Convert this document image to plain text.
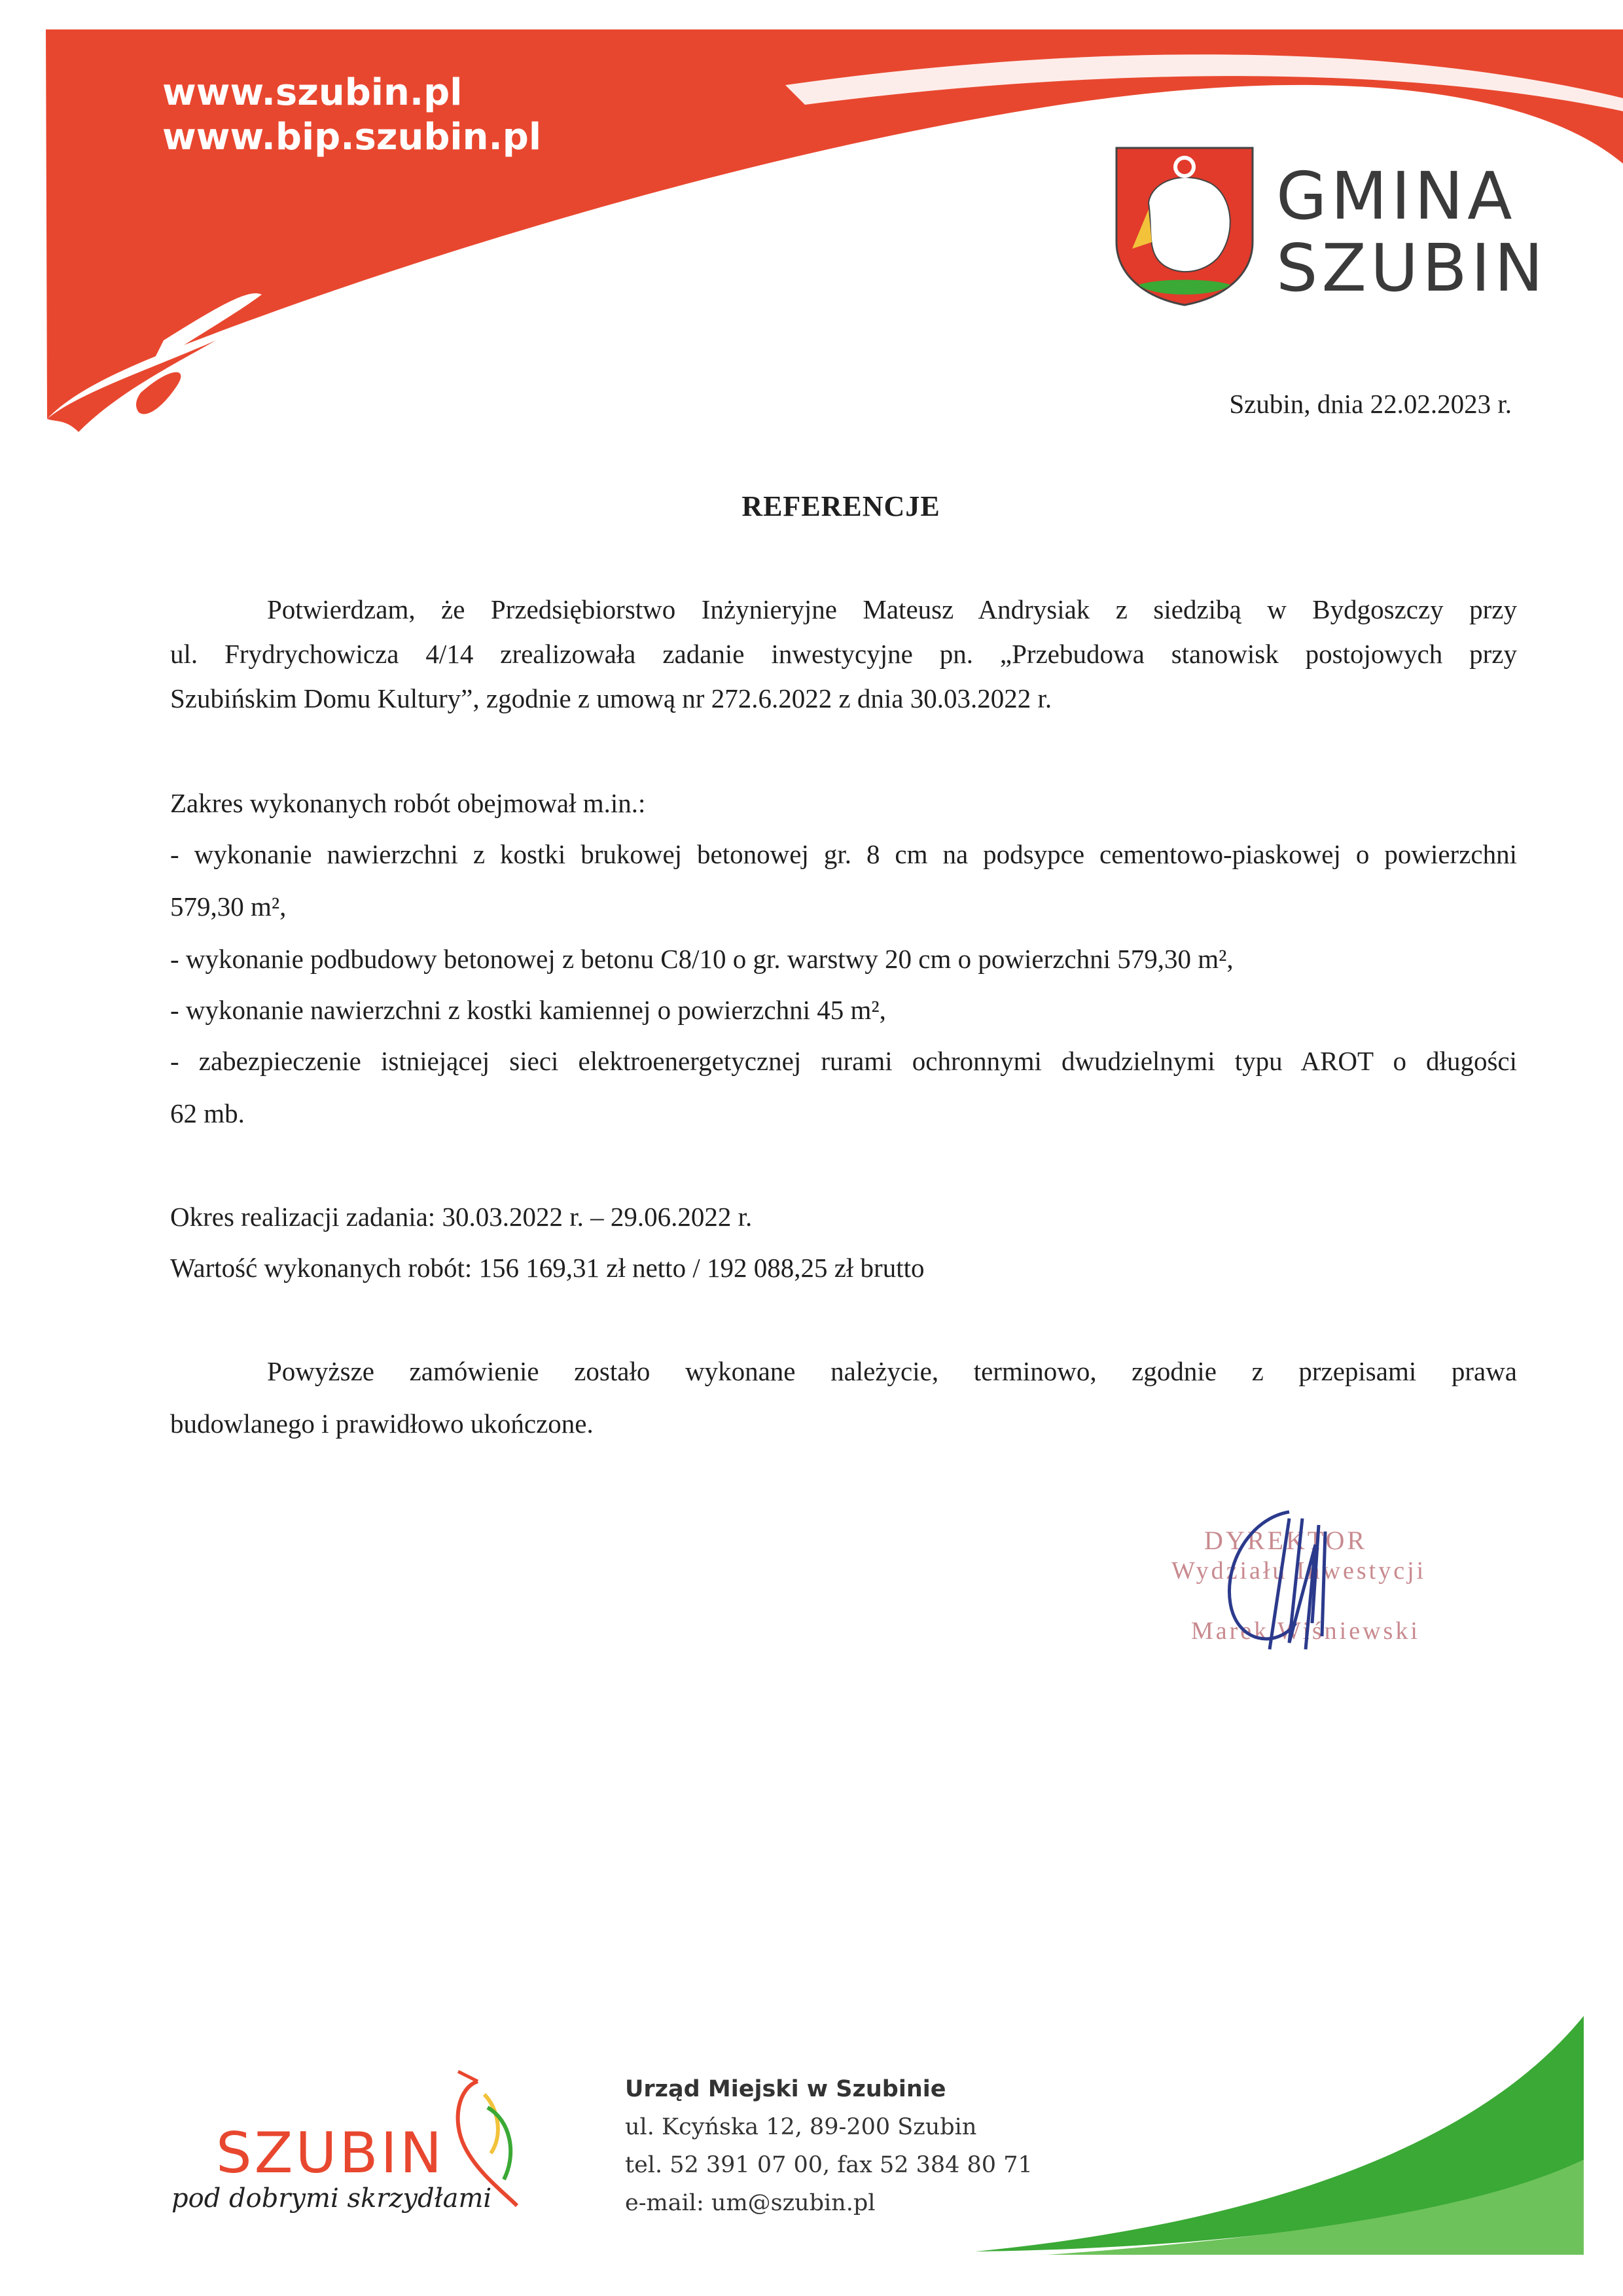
www.szubin.pl
www.bip.szubin.pl
GMINA
SZUBIN
Szubin, dnia 22.02.2023 r.
REFERENCJE
Potwierdzam, że Przedsiębiorstwo Inżynieryjne Mateusz Andrysiak z siedzibą w Bydgoszczy przy
ul. Frydrychowicza 4/14 zrealizowała zadanie inwestycyjne pn. „Przebudowa stanowisk postojowych przy
Szubińskim Domu Kultury”, zgodnie z umową nr 272.6.2022 z dnia 30.03.2022 r.
Zakres wykonanych robót obejmował m.in.:
- wykonanie nawierzchni z kostki brukowej betonowej gr. 8 cm na podsypce cementowo-piaskowej o powierzchni
579,30 m²,
- wykonanie podbudowy betonowej z betonu C8/10 o gr. warstwy 20 cm o powierzchni 579,30 m²,
- wykonanie nawierzchni z kostki kamiennej o powierzchni 45 m²,
- zabezpieczenie istniejącej sieci elektroenergetycznej rurami ochronnymi dwudzielnymi typu AROT o długości
62 mb.
Okres realizacji zadania: 30.03.2022 r. – 29.06.2022 r.
Wartość wykonanych robót: 156 169,31 zł netto / 192 088,25 zł brutto
Powyższe zamówienie zostało wykonane należycie, terminowo, zgodnie z przepisami prawa
budowlanego i prawidłowo ukończone.
DYREKTOR
Wydziału Inwestycji
Marek Wiśniewski
SZUBIN
pod dobrymi skrzydłami
Urząd Miejski w Szubinie
ul. Kcyńska 12, 89-200 Szubin
tel. 52 391 07 00, fax 52 384 80 71
e-mail: um@szubin.pl
